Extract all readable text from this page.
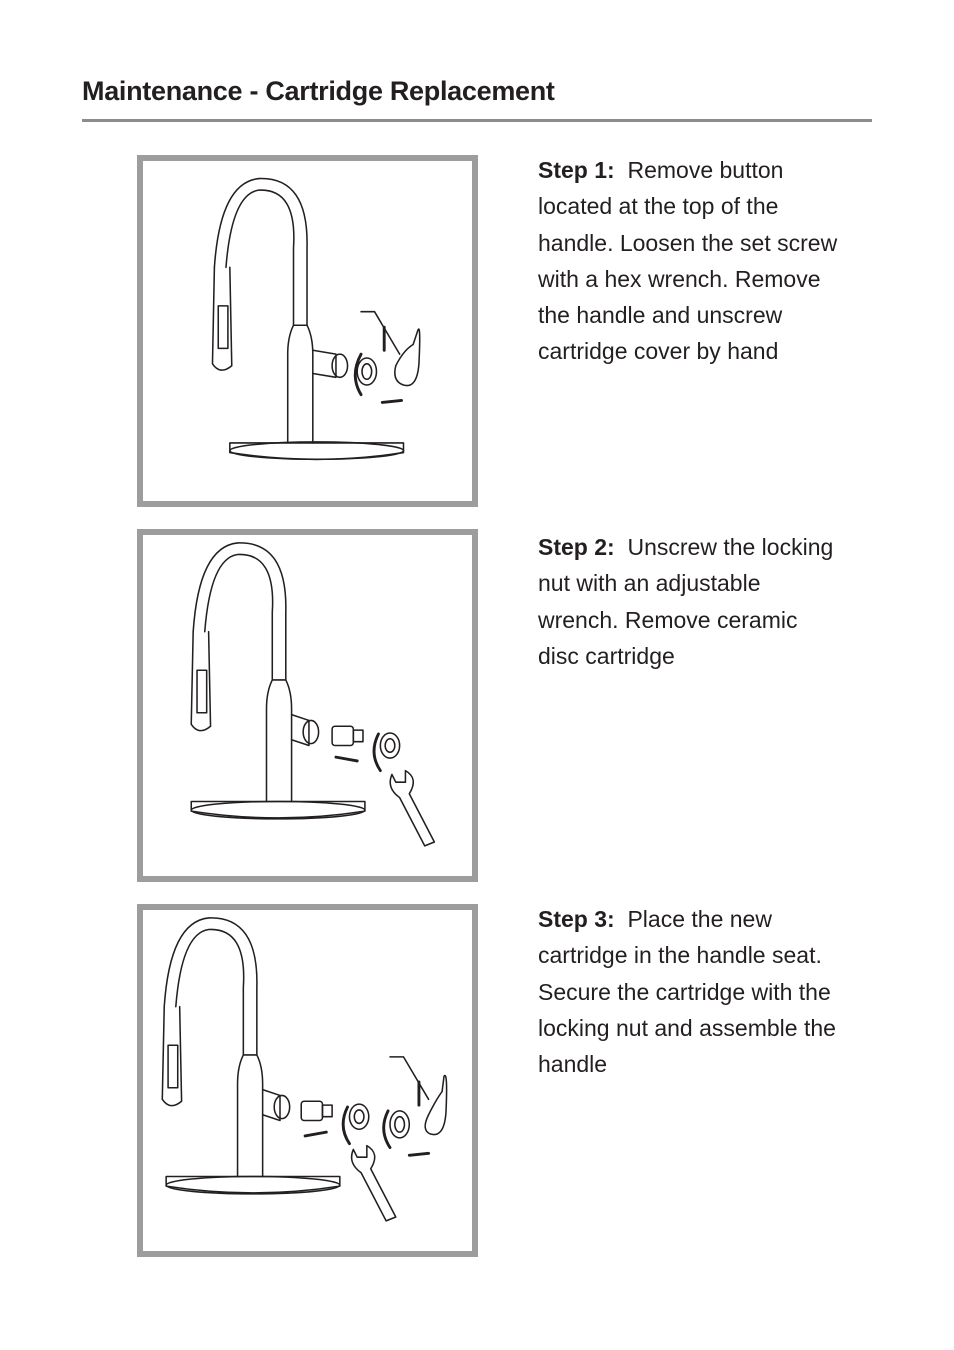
Maintenance - Cartridge Replacement

Step 1: Remove button located at the top of the handle. Loosen the set screw with a hex wrench. Remove the handle and unscrew cartridge cover by hand

Step 2: Unscrew the locking nut with an adjustable wrench. Remove ceramic disc cartridge

Step 3: Place the new cartridge in the handle seat. Secure the cartridge with the locking nut and assemble the handle
